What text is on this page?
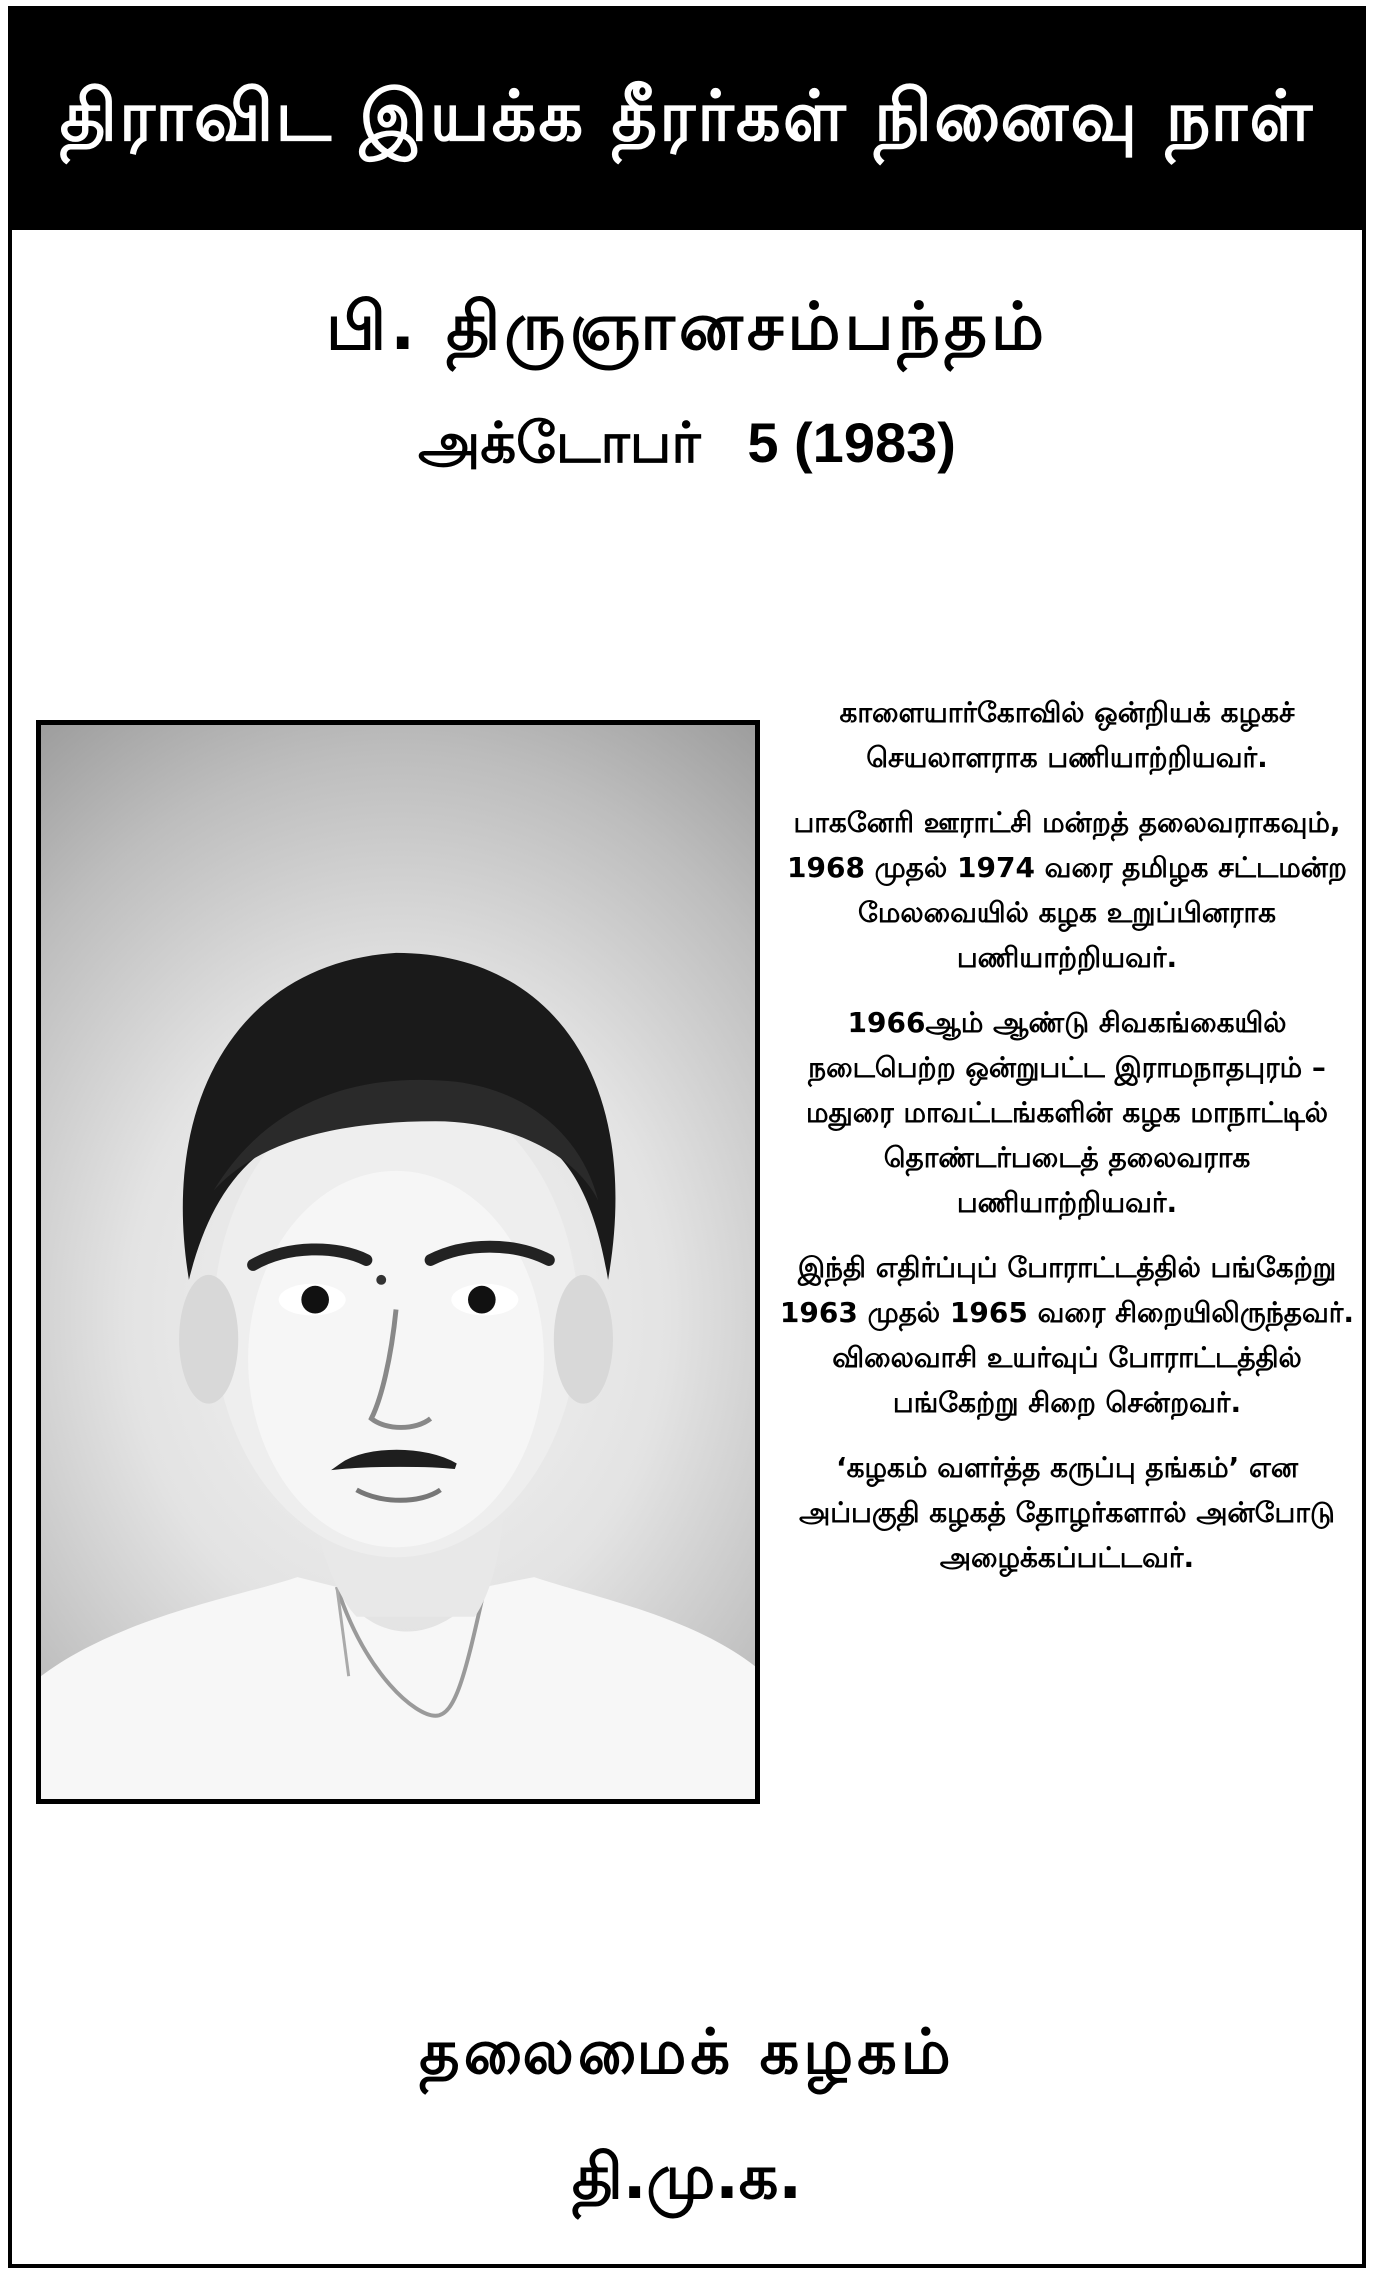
திராவிட இயக்க தீரர்கள் நினைவு நாள்
பி. திருஞானசம்பந்தம்
அக்டோபர்   5 (1983)

காளையார்கோவில் ஒன்றியக் கழகச் செயலாளராக பணியாற்றியவர்.

பாகனேரி ஊராட்சி மன்றத் தலைவராகவும், 1968 முதல் 1974 வரை தமிழக சட்டமன்ற மேலவையில் கழக உறுப்பினராக பணியாற்றியவர்.

1966ஆம் ஆண்டு சிவகங்கையில் நடைபெற்ற ஒன்றுபட்ட இராமநாதபுரம் – மதுரை மாவட்டங்களின் கழக மாநாட்டில் தொண்டர்படைத் தலைவராக பணியாற்றியவர்.

இந்தி எதிர்ப்புப் போராட்டத்தில் பங்கேற்று 1963 முதல் 1965 வரை சிறையிலிருந்தவர். விலைவாசி உயர்வுப் போராட்டத்தில் பங்கேற்று சிறை சென்றவர்.

‘கழகம் வளர்த்த கருப்பு தங்கம்’ என அப்பகுதி கழகத் தோழர்களால் அன்போடு அழைக்கப்பட்டவர்.

தலைமைக் கழகம்
தி.மு.க.
